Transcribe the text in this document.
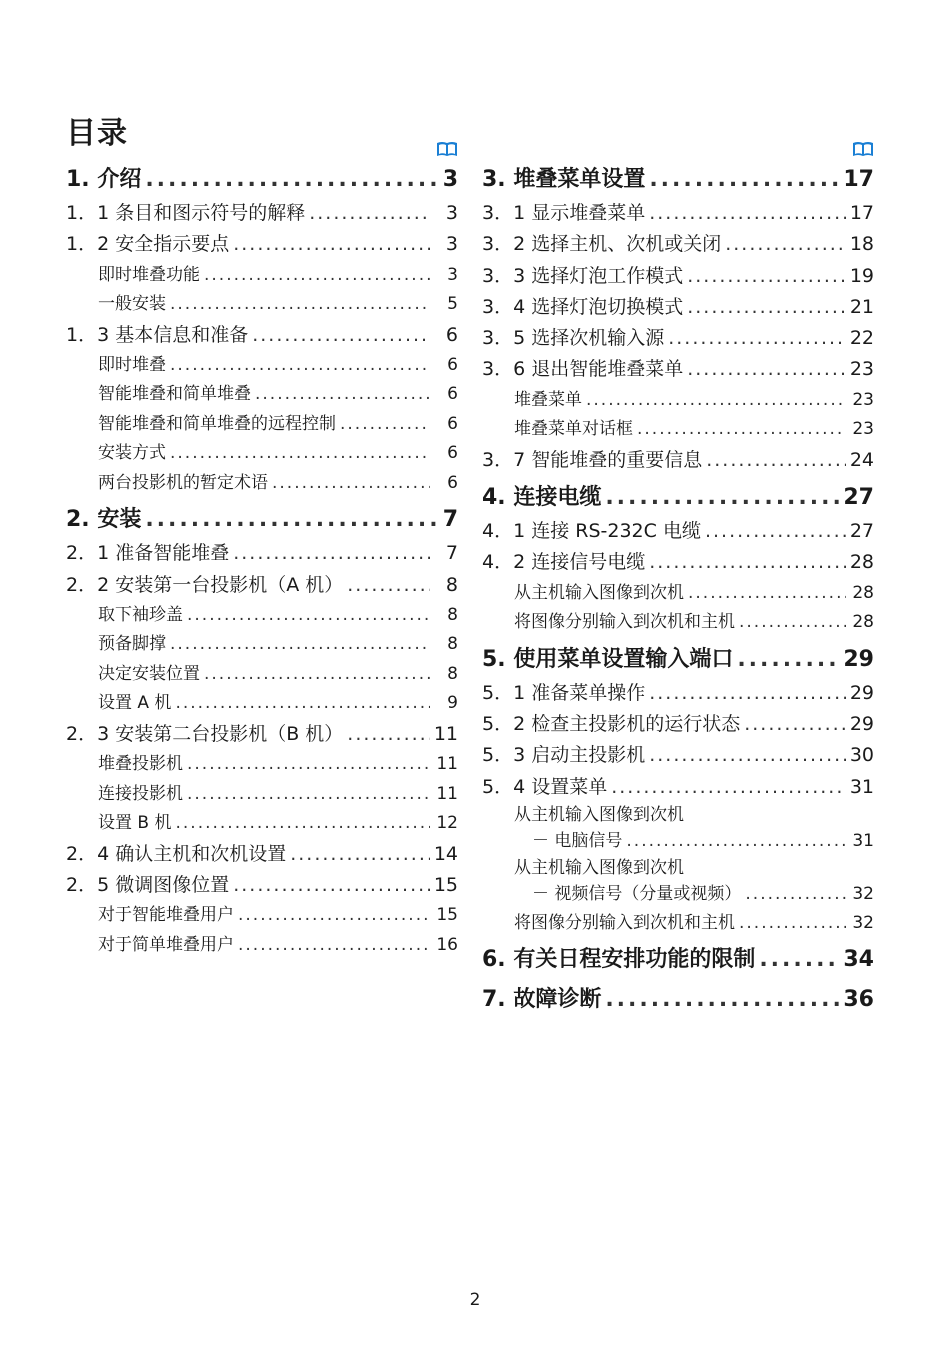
目录
1. 介绍 .....	3
1．1 条目和图示符号的解释 .....	3
1．2 安全指示要点 .....	3
即时堆叠功能 .....	3
一般安装 .....	5
1．3 基本信息和准备 .....	6
即时堆叠 .....	6
智能堆叠和简单堆叠 .....	6
智能堆叠和简单堆叠的远程控制 .....	6
安装方式 .....	6
两台投影机的暂定术语 .....	6
2. 安装 .....	7
2．1 准备智能堆叠 .....	7
2．2 安装第一台投影机（A 机） .....	8
取下袖珍盖 .....	8
预备脚撑 .....	8
决定安装位置 .....	8
设置 A 机 .....	9
2．3 安装第二台投影机（B 机） .....	11
堆叠投影机 .....	11
连接投影机 .....	11
设置 B 机 .....	12
2．4 确认主机和次机设置 .....	14
2．5 微调图像位置 .....	15
对于智能堆叠用户 .....	15
对于简单堆叠用户 .....	16
3. 堆叠菜单设置 .....	17
3．1 显示堆叠菜单 .....	17
3．2 选择主机、次机或关闭 .....	18
3．3 选择灯泡工作模式 .....	19
3．4 选择灯泡切换模式 .....	21
3．5 选择次机输入源 .....	22
3．6 退出智能堆叠菜单 .....	23
堆叠菜单 .....	23
堆叠菜单对话框 .....	23
3．7 智能堆叠的重要信息 .....	24
4. 连接电缆 .....	27
4．1 连接 RS-232C 电缆 .....	27
4．2 连接信号电缆 .....	28
从主机输入图像到次机 .....	28
将图像分别输入到次机和主机 .....	28
5. 使用菜单设置输入端口 .....	29
5．1 准备菜单操作 .....	29
5．2 检查主投影机的运行状态 .....	29
5．3 启动主投影机 .....	30
5．4 设置菜单 .....	31
从主机输入图像到次机
－ 电脑信号 .....	31
从主机输入图像到次机
－ 视频信号（分量或视频） .....	32
将图像分别输入到次机和主机 .....	32
6. 有关日程安排功能的限制 .....	34
7. 故障诊断 .....	36
2
